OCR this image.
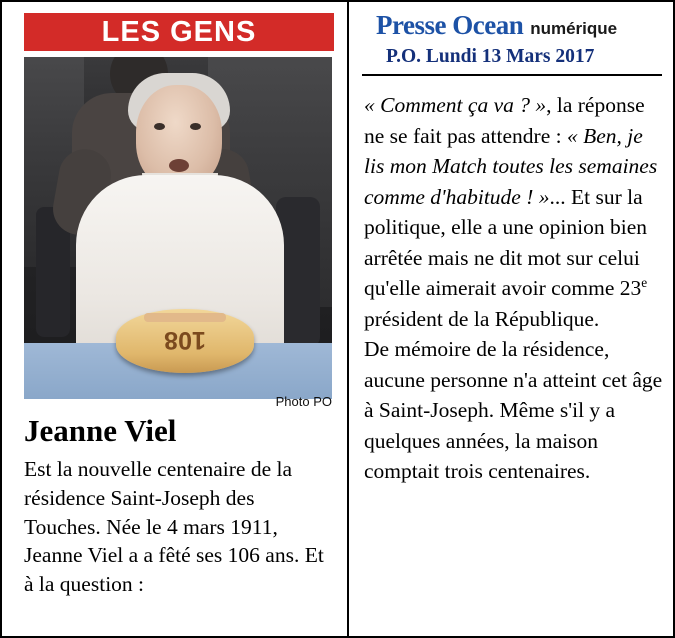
LES GENS
108
Photo PO
Jeanne Viel
Est la nouvelle centenaire de la résidence Saint-Joseph des Touches. Née le 4 mars 1911, Jeanne Viel a a fêté ses 106 ans. Et à la question :
Presse Ocean numérique
P.O. Lundi 13 Mars 2017

« Comment ça va ? », la réponse ne se fait pas attendre : « Ben, je lis mon Match toutes les semaines comme d'habitude ! »... Et sur la politique, elle a une opinion bien arrêtée mais ne dit mot sur celui qu'elle aimerait avoir comme 23e président de la République.

De mémoire de la résidence, aucune personne n'a atteint cet âge à Saint-Joseph. Même s'il y a quelques années, la maison comptait trois centenaires.
